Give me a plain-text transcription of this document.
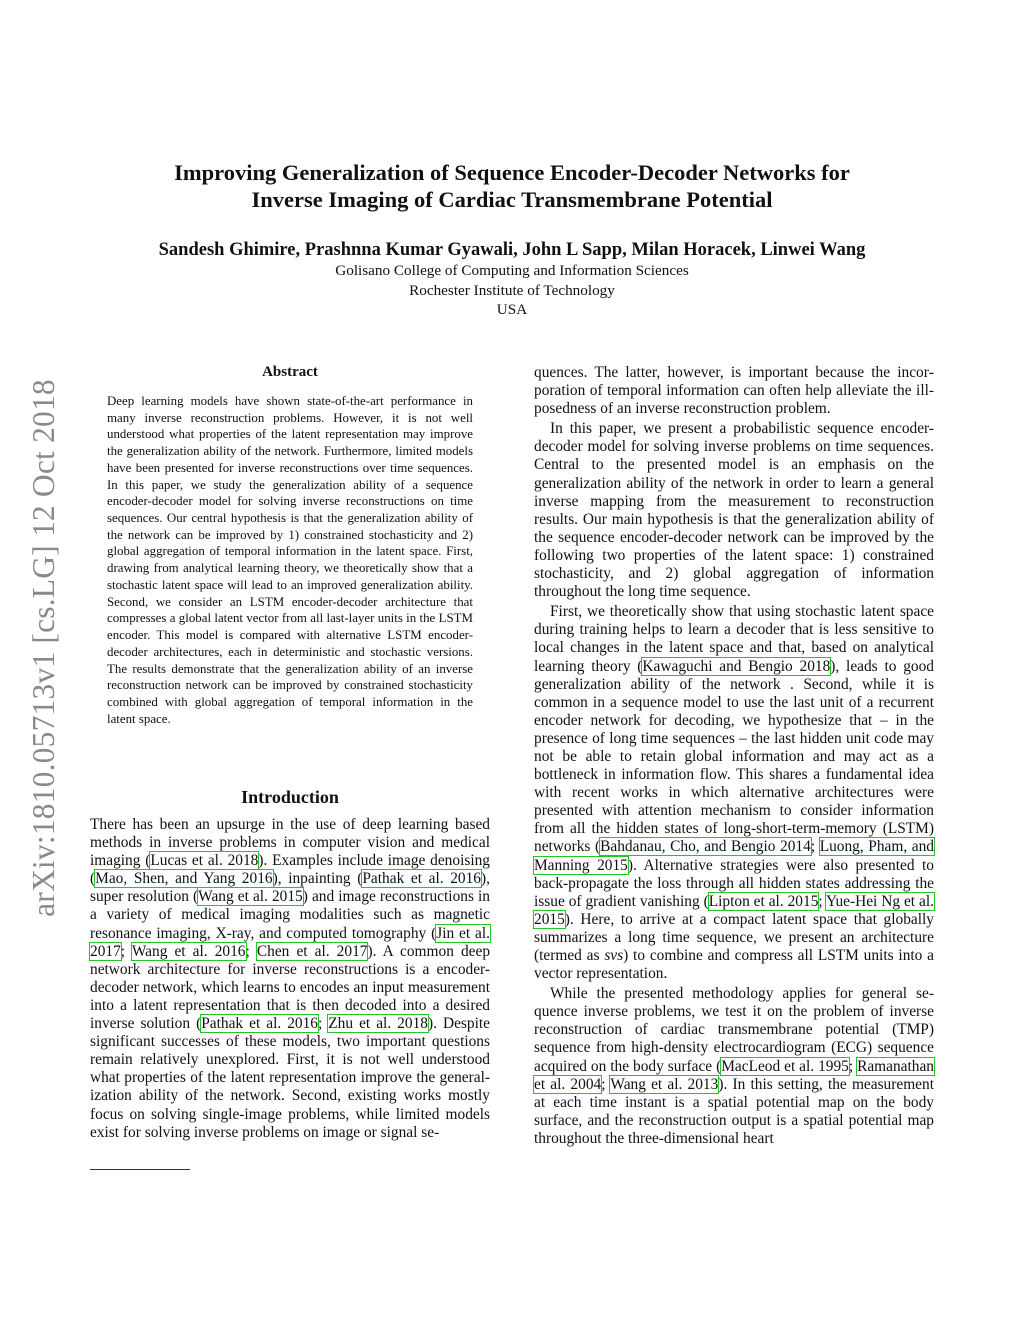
arXiv:1810.05713v1 [cs.LG] 12 Oct 2018
Improving Generalization of Sequence Encoder-Decoder Networks for
Inverse Imaging of Cardiac Transmembrane Potential
Sandesh Ghimire, Prashnna Kumar Gyawali, John L Sapp, Milan Horacek, Linwei Wang
Golisano College of Computing and Information Sciences
Rochester Institute of Technology
USA
Abstract

Deep learning models have shown state-of-the-art performance in many inverse reconstruction problems. However, it is not well understood what properties of the latent representation may improve the generalization ability of the network. Furthermore, limited models have been presented for inverse reconstructions over time sequences. In this paper, we study the generalization ability of a sequence encoder-decoder model for solving inverse reconstructions on time sequences. Our central hypothesis is that the generalization ability of the network can be improved by 1) constrained stochasticity and 2) global aggregation of temporal information in the latent space. First, drawing from analytical learning theory, we theoretically show that a stochastic latent space will lead to an improved generalization ability. Second, we consider an LSTM encoder-decoder architecture that compresses a global latent vector from all last-layer units in the LSTM encoder. This model is compared with alternative LSTM encoder-decoder architectures, each in deterministic and stochastic versions. The results demonstrate that the generalization ability of an inverse reconstruction network can be improved by constrained stochasticity combined with global aggregation of temporal information in the latent space.

Introduction

There has been an upsurge in the use of deep learning based methods in inverse problems in computer vision and medical imaging (Lucas et al. 2018). Examples include image denoising (Mao, Shen, and Yang 2016), inpainting (Pathak et al. 2016), super resolution (Wang et al. 2015) and image reconstructions in a variety of medical imaging modalities such as magnetic resonance imaging, X-ray, and computed tomography (Jin et al. 2017; Wang et al. 2016; Chen et al. 2017). A common deep network architecture for inverse reconstructions is a encoder-decoder network, which learns to encodes an input measurement into a latent representation that is then decoded into a desired inverse solution (Pathak et al. 2016; Zhu et al. 2018). Despite significant successes of these models, two important questions remain relatively unexplored. First, it is not well understood what properties of the latent representation improve the generalization ability of the network. Second, existing works mostly focus on solving single-image problems, while limited models exist for solving inverse problems on image or signal se-

quences. The latter, however, is important because the incorporation of temporal information can often help alleviate the ill-posedness of an inverse reconstruction problem.

In this paper, we present a probabilistic sequence encoder-decoder model for solving inverse problems on time sequences. Central to the presented model is an emphasis on the generalization ability of the network in order to learn a general inverse mapping from the measurement to reconstruction results. Our main hypothesis is that the generalization ability of the sequence encoder-decoder network can be improved by the following two properties of the latent space: 1) constrained stochasticity, and 2) global aggregation of information throughout the long time sequence.

First, we theoretically show that using stochastic latent space during training helps to learn a decoder that is less sensitive to local changes in the latent space and that, based on analytical learning theory (Kawaguchi and Bengio 2018), leads to good generalization ability of the network . Second, while it is common in a sequence model to use the last unit of a recurrent encoder network for decoding, we hypothesize that – in the presence of long time sequences – the last hidden unit code may not be able to retain global information and may act as a bottleneck in information flow. This shares a fundamental idea with recent works in which alternative architectures were presented with attention mechanism to consider information from all the hidden states of long-short-term-memory (LSTM) networks (Bahdanau, Cho, and Bengio 2014; Luong, Pham, and Manning 2015). Alternative strategies were also presented to back-propagate the loss through all hidden states addressing the issue of gradient vanishing (Lipton et al. 2015; Yue-Hei Ng et al. 2015). Here, to arrive at a compact latent space that globally summarizes a long time sequence, we present an architecture (termed as svs) to combine and compress all LSTM units into a vector representation.

While the presented methodology applies for general sequence inverse problems, we test it on the problem of inverse reconstruction of cardiac transmembrane potential (TMP) sequence from high-density electrocardiogram (ECG) sequence acquired on the body surface (MacLeod et al. 1995; Ramanathan et al. 2004; Wang et al. 2013). In this setting, the measurement at each time instant is a spatial potential map on the body surface, and the reconstruction output is a spatial potential map throughout the three-dimensional heart
